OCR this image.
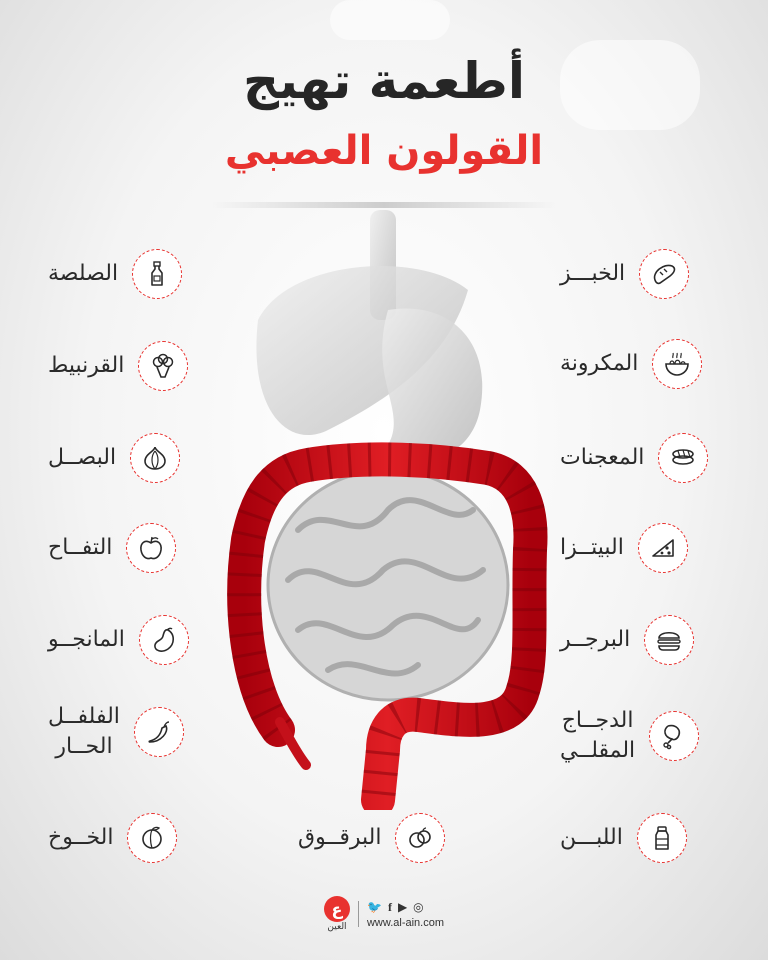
أطعمة تهيج
القولون العصبي
الخبـــز
المكرونة
المعجنات
البيتــزا
البرجــر
الدجــاج
المقلــي
اللبـــن
الصلصة
القرنبيط
البصــل
التفــاح
المانجــو
الفلفــل
الحــار
الخــوخ	البرقــوق
ع
العين
🐦 f ▶ ◎
www.al-ain.com
